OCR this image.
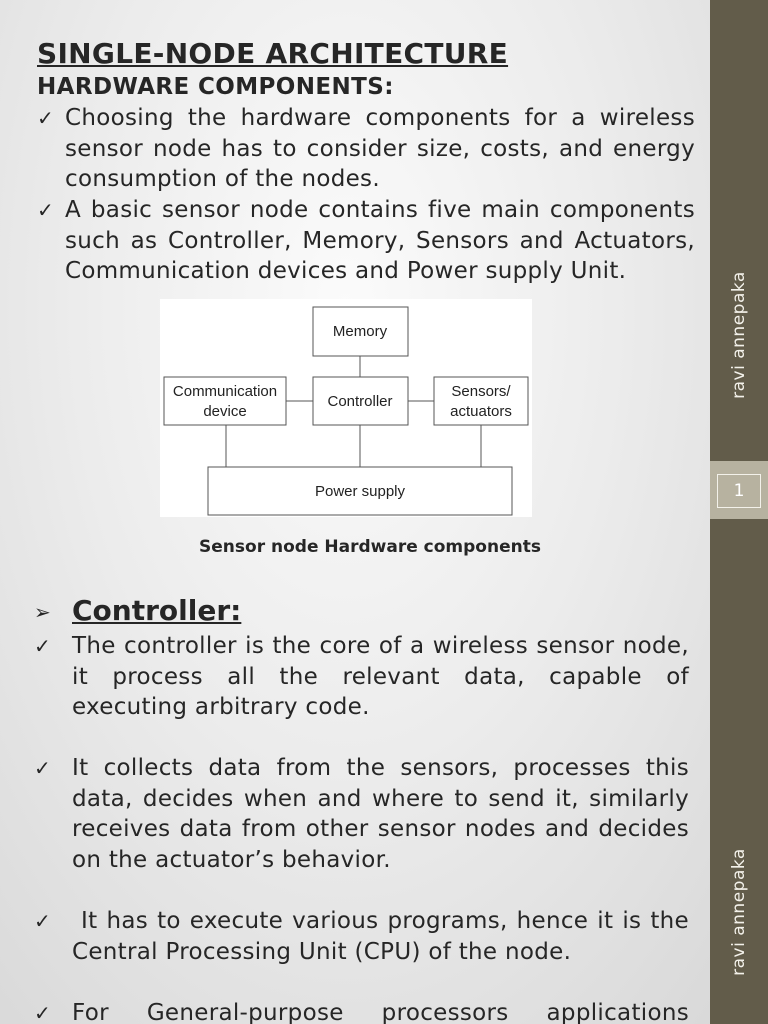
SINGLE-NODE ARCHITECTURE
HARDWARE COMPONENTS:
✓ Choosing the hardware components for a wireless sensor node has to consider size, costs, and energy consumption of the nodes.

✓ A basic sensor node contains five main components such as Controller, Memory, Sensors and Actuators, Communication devices and Power supply Unit.

Memory
Communication
device
Controller
Sensors/
actuators
Power supply

Sensor node Hardware components

➢ Controller:
✓ The controller is the core of a wireless sensor node, it process all the relevant data, capable of executing arbitrary code.

✓ It collects data from the sensors, processes this data, decides when and where to send it, similarly receives data from other sensor nodes and decides on the actuator’s behavior.

✓ It has to execute various programs, hence it is the Central Processing Unit (CPU) of the node.

✓ For General-purpose processors applications

ravi annepaka
1
ravi annepaka
